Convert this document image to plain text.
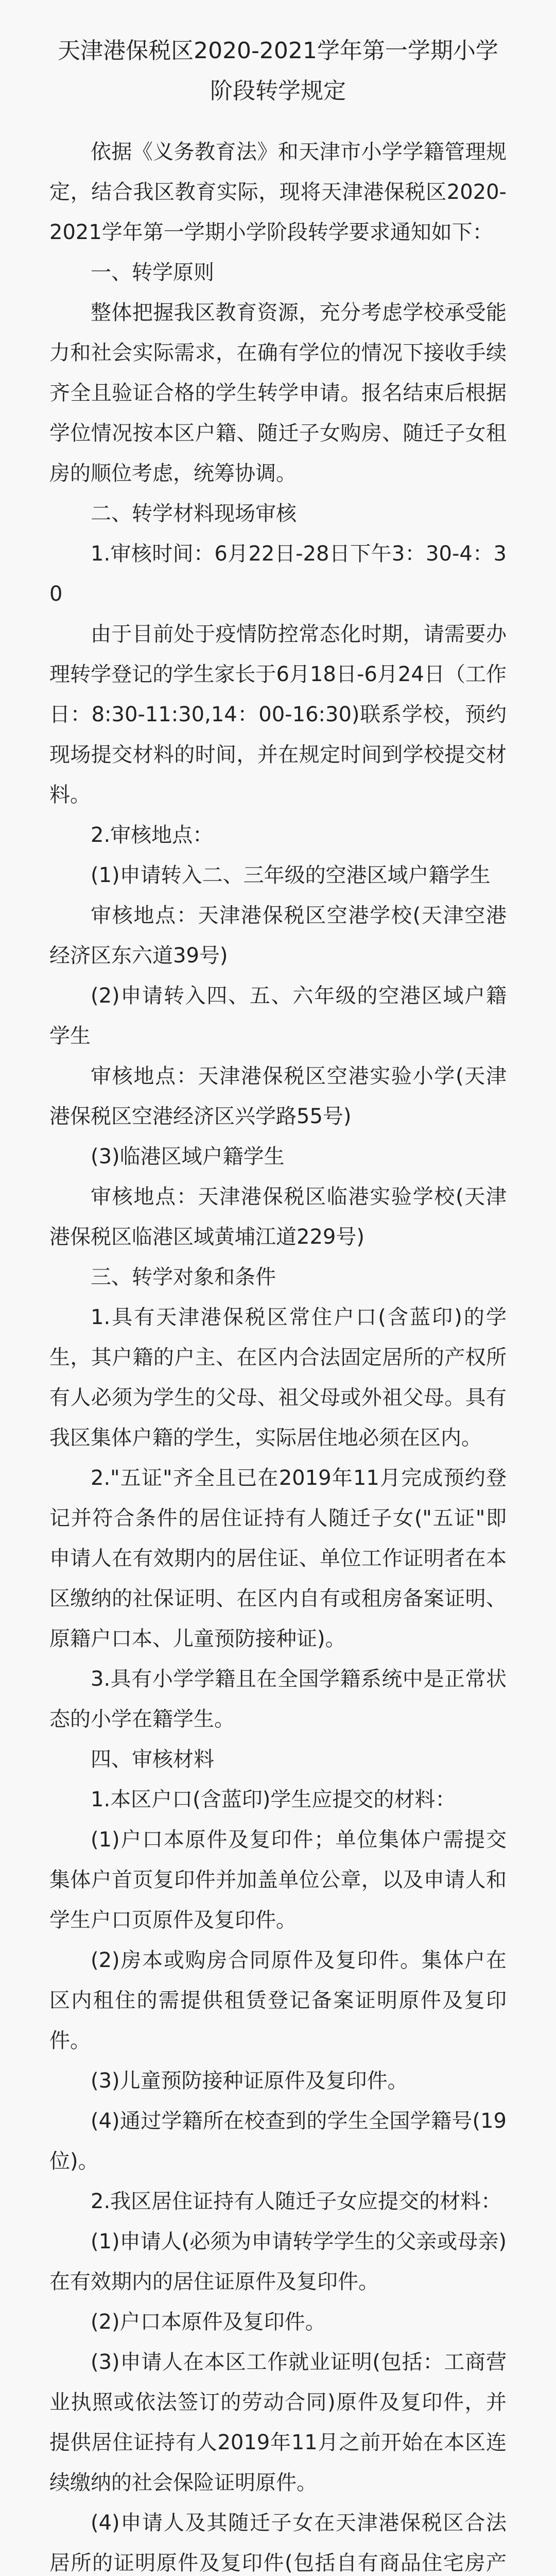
天津港保税区2020-2021学年第一学期小学
阶段转学规定

依据《义务教育法》和天津市小学学籍管理规定，结合我区教育实际，现将天津港保税区2020-2021学年第一学期小学阶段转学要求通知如下：

一、转学原则

整体把握我区教育资源，充分考虑学校承受能力和社会实际需求，在确有学位的情况下接收手续齐全且验证合格的学生转学申请。报名结束后根据学位情况按本区户籍、随迁子女购房、随迁子女租房的顺位考虑，统筹协调。

二、转学材料现场审核

1.审核时间：6月22日-28日下午3：30-4：30

由于目前处于疫情防控常态化时期，请需要办理转学登记的学生家长于6月18日-6月24日（工作日：8:30-11:30,14：00-16:30)联系学校，预约现场提交材料的时间，并在规定时间到学校提交材料。

2.审核地点：

(1)申请转入二、三年级的空港区域户籍学生

审核地点：天津港保税区空港学校(天津空港经济区东六道39号)

(2)申请转入四、五、六年级的空港区域户籍学生

审核地点：天津港保税区空港实验小学(天津港保税区空港经济区兴学路55号)

(3)临港区域户籍学生

审核地点：天津港保税区临港实验学校(天津港保税区临港区域黄埔江道229号)

三、转学对象和条件

1.具有天津港保税区常住户口(含蓝印)的学生，其户籍的户主、在区内合法固定居所的产权所有人必须为学生的父母、祖父母或外祖父母。具有我区集体户籍的学生，实际居住地必须在区内。

2."五证"齐全且已在2019年11月完成预约登记并符合条件的居住证持有人随迁子女("五证"即申请人在有效期内的居住证、单位工作证明者在本区缴纳的社保证明、在区内自有或租房备案证明、原籍户口本、儿童预防接种证)。

3.具有小学学籍且在全国学籍系统中是正常状态的小学在籍学生。

四、审核材料

1.本区户口(含蓝印)学生应提交的材料：

(1)户口本原件及复印件；单位集体户需提交集体户首页复印件并加盖单位公章，以及申请人和学生户口页原件及复印件。

(2)房本或购房合同原件及复印件。集体户在区内租住的需提供租赁登记备案证明原件及复印件。

(3)儿童预防接种证原件及复印件。

(4)通过学籍所在校查到的学生全国学籍号(19位)。

2.我区居住证持有人随迁子女应提交的材料：

(1)申请人(必须为申请转学学生的父亲或母亲)在有效期内的居住证原件及复印件。

(2)户口本原件及复印件。

(3)申请人在本区工作就业证明(包括：工商营业执照或依法签订的劳动合同)原件及复印件，并提供居住证持有人2019年11月之前开始在本区连续缴纳的社会保险证明原件。

(4)申请人及其随迁子女在天津港保税区合法居所的证明原件及复印件(包括自有商品住宅房产
